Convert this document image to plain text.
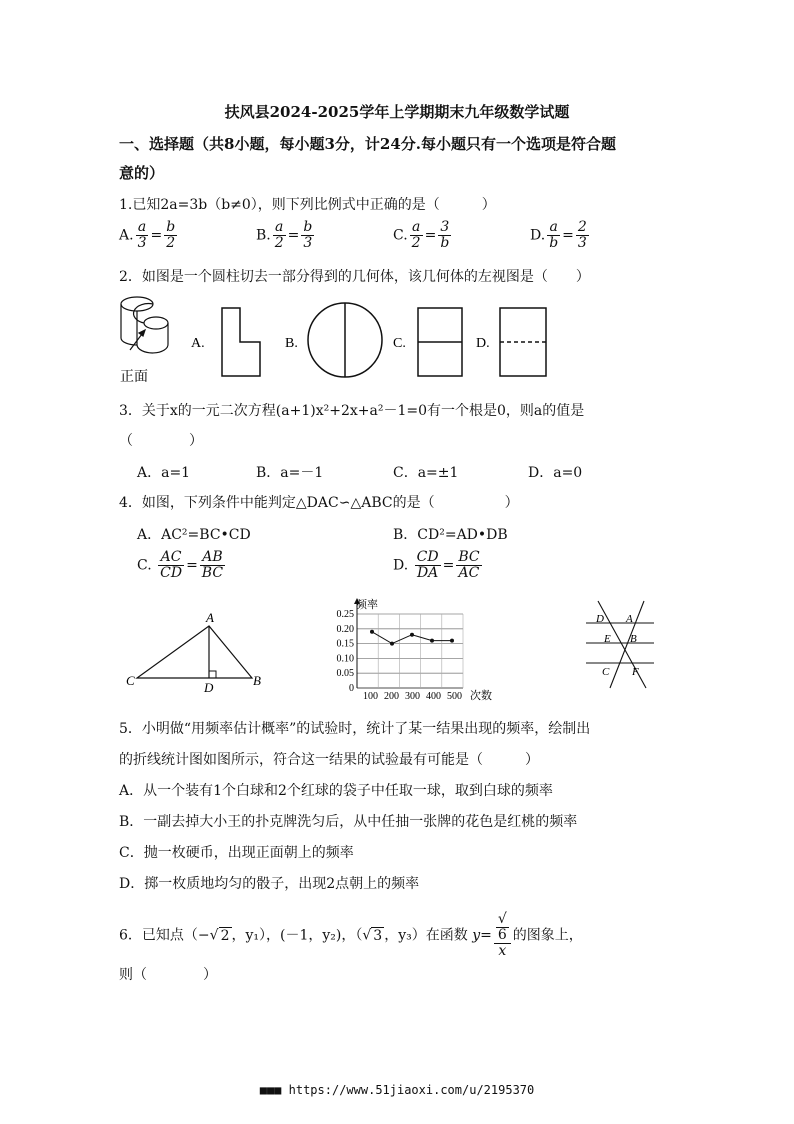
扶风县2024-2025学年上学期期末九年级数学试题
一、选择题（共8小题，每小题3分，计24分.每小题只有一个选项是符合题
意的）
1.已知2a=3b（b≠0），则下列比例式中正确的是（　　　）
A. $\frac{a}{3} = \frac{b}{2}$	B. $\frac{a}{2} = \frac{b}{3}$	C. $\frac{a}{2} = \frac{3}{b}$	D. $\frac{a}{b} = \frac{2}{3}$
2．如图是一个圆柱切去一部分得到的几何体，该几何体的左视图是（　　）
正面
A.	B.	C.	D.
3．关于x的一元二次方程(a+1)x²+2x+a²－1=0有一个根是0，则a的值是
（　　　　）
A．a=1	B．a=－1	C．a=±1	D．a=0
4．如图，下列条件中能判定△DAC∽△ABC的是（　　　　　）
A．AC²=BC•CD	B．CD²=AD•DB
C. $\frac{AC}{CD} = \frac{AB}{BC}$	D. $\frac{CD}{DA} = \frac{BC}{AC}$
A
C	B
D
0.25
0.20
0.15
0.10
0.05
0
100 200 300 400 500
频率
次数
D A
E B
C F
5．小明做“用频率估计概率”的试验时，统计了某一结果出现的频率，绘制出
的折线统计图如图所示，符合这一结果的试验最有可能是（　　　）
A．从一个装有1个白球和2个红球的袋子中任取一球，取到白球的频率
B．一副去掉大小王的扑克牌洗匀后，从中任抽一张牌的花色是红桃的频率
C．抛一枚硬币，出现正面朝上的频率
D．掷一枚质地均匀的骰子，出现2点朝上的频率
6．已知点（−√ 2 ，y₁），(－1，y₂)，（√ 3 ，y₃）在函数 y= √
6
x 的图象上，
则（　　　　）
■■■ https://www.51jiaoxi.com/u/2195370
